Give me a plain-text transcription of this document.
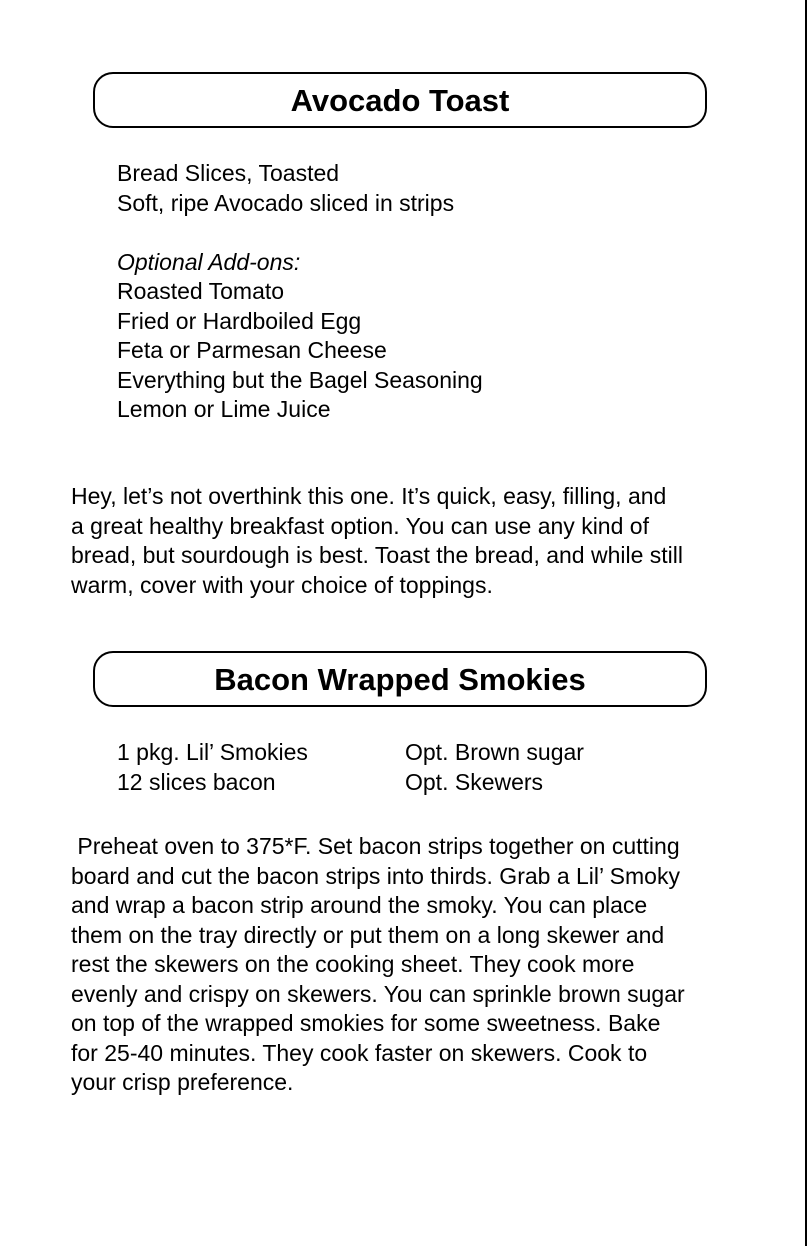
Avocado Toast
Bread Slices, Toasted
Soft, ripe Avocado sliced in strips
Optional Add-ons:
Roasted Tomato
Fried or Hardboiled Egg
Feta or Parmesan Cheese
Everything but the Bagel Seasoning
Lemon or Lime Juice
Hey, let’s not overthink this one. It’s quick, easy, filling, and
a great healthy breakfast option. You can use any kind of
bread, but sourdough is best. Toast the bread, and while still
warm, cover with your choice of toppings.
Bacon Wrapped Smokies
1 pkg. Lil’ Smokies
12 slices bacon
Opt. Brown sugar
Opt. Skewers
Preheat oven to 375*F. Set bacon strips together on cutting
board and cut the bacon strips into thirds. Grab a Lil’ Smoky
and wrap a bacon strip around the smoky. You can place
them on the tray directly or put them on a long skewer and
rest the skewers on the cooking sheet. They cook more
evenly and crispy on skewers. You can sprinkle brown sugar
on top of the wrapped smokies for some sweetness. Bake
for 25-40 minutes. They cook faster on skewers. Cook to
your crisp preference.
